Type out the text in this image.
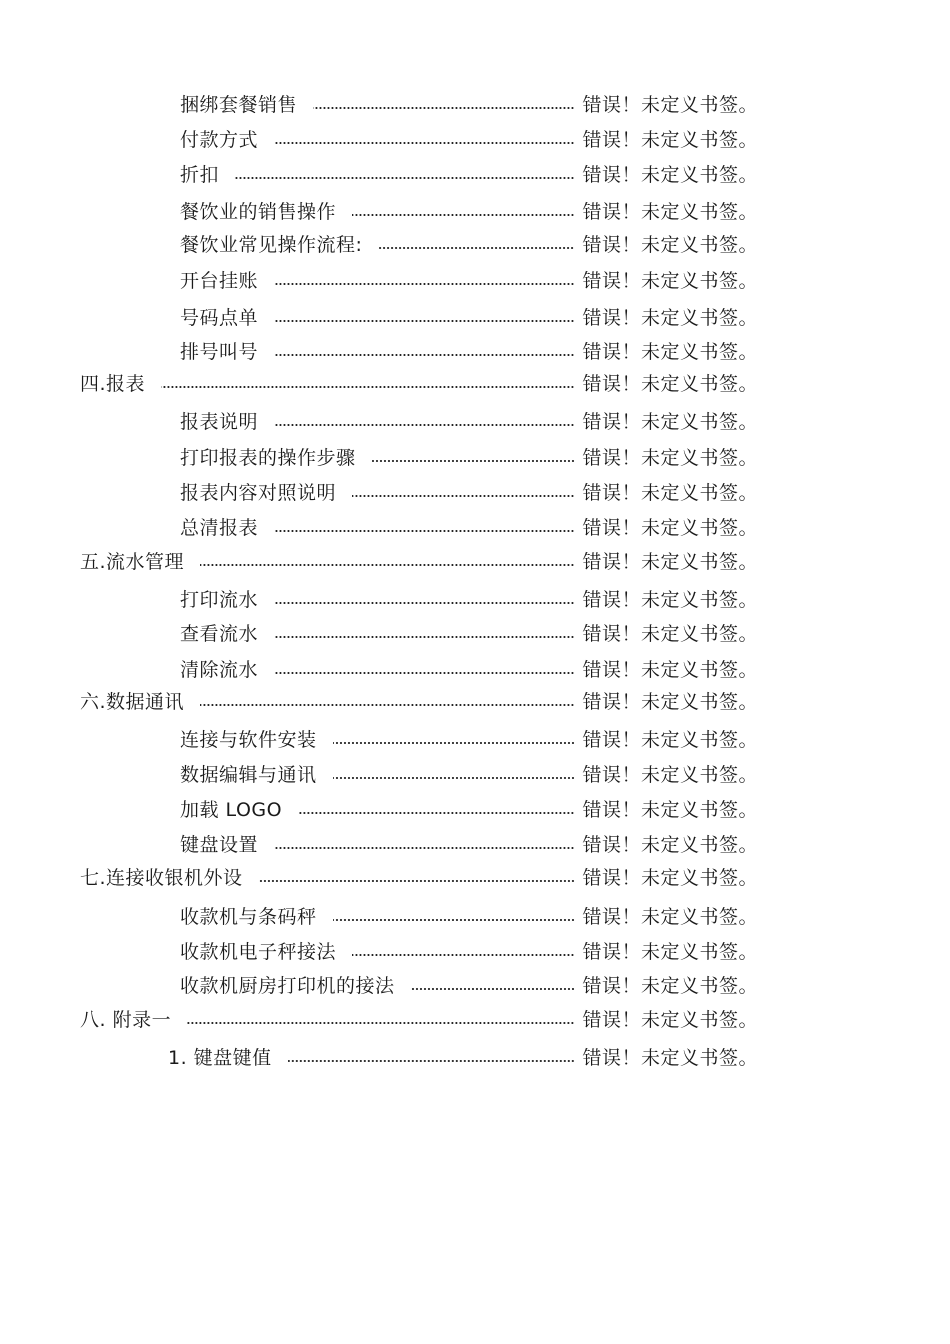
捆绑套餐销售	错误！未定义书签。
付款方式	错误！未定义书签。
折扣	错误！未定义书签。
餐饮业的销售操作	错误！未定义书签。
餐饮业常见操作流程:	错误！未定义书签。
开台挂账	错误！未定义书签。
号码点单	错误！未定义书签。
排号叫号	错误！未定义书签。
四.报表	错误！未定义书签。
报表说明	错误！未定义书签。
打印报表的操作步骤	错误！未定义书签。
报表内容对照说明	错误！未定义书签。
总清报表	错误！未定义书签。
五.流水管理	错误！未定义书签。
打印流水	错误！未定义书签。
查看流水	错误！未定义书签。
清除流水	错误！未定义书签。
六.数据通讯	错误！未定义书签。
连接与软件安装	错误！未定义书签。
数据编辑与通讯	错误！未定义书签。
加载 LOGO	错误！未定义书签。
键盘设置	错误！未定义书签。
七.连接收银机外设	错误！未定义书签。
收款机与条码秤	错误！未定义书签。
收款机电子秤接法	错误！未定义书签。
收款机厨房打印机的接法	错误！未定义书签。
八. 附录一	错误！未定义书签。
1. 键盘键值	错误！未定义书签。
